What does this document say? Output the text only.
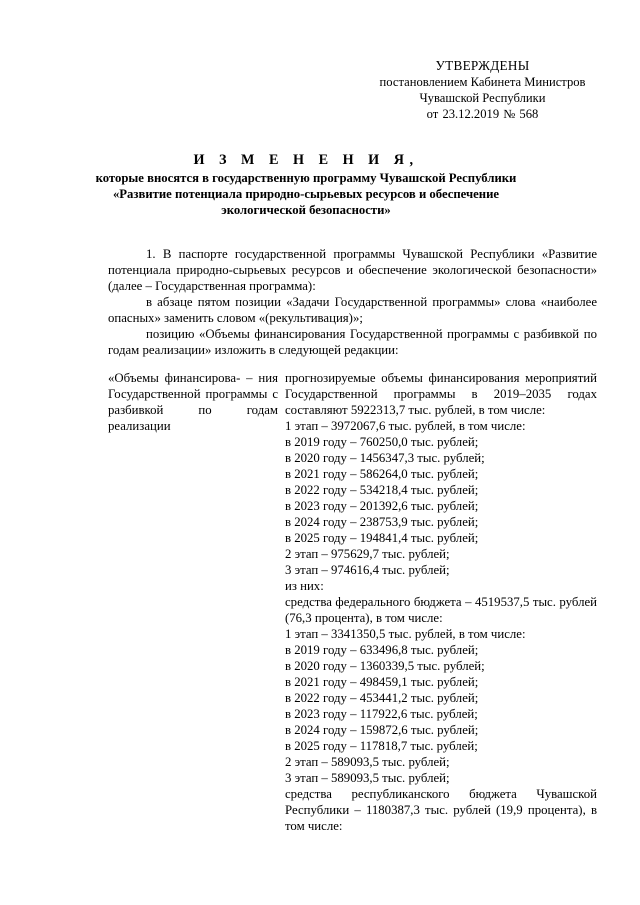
УТВЕРЖДЕНЫ
постановлением Кабинета Министров
Чувашской Республики
от 23.12.2019 № 568
И З М Е Н Е Н И Я,
которые вносятся в государственную программу Чувашской Республики
«Развитие потенциала природно-сырьевых ресурсов и обеспечение
экологической безопасности»

1. В паспорте государственной программы Чувашской Республики «Развитие потенциала природно-сырьевых ресурсов и обеспечение экологической безопасности» (далее – Государственная программа):

в абзаце пятом позиции «Задачи Государственной программы» слова «наиболее опасных» заменить словом «(рекультивация)»;

позицию «Объемы финансирования Государственной программы с разбивкой по годам реализации» изложить в следующей редакции:

«Объемы финансирова- – ния Государственной программы с разбивкой по годам реализации

прогнозируемые объемы финансирования мероприятий Государственной программы в 2019–2035 годах составляют 5922313,7 тыс. рублей, в том числе:

1 этап – 3972067,6 тыс. рублей, в том числе:

в 2019 году – 760250,0 тыс. рублей;

в 2020 году – 1456347,3 тыс. рублей;

в 2021 году – 586264,0 тыс. рублей;

в 2022 году – 534218,4 тыс. рублей;

в 2023 году – 201392,6 тыс. рублей;

в 2024 году – 238753,9 тыс. рублей;

в 2025 году – 194841,4 тыс. рублей;

2 этап – 975629,7 тыс. рублей;

3 этап – 974616,4 тыс. рублей;

из них:

средства федерального бюджета – 4519537,5 тыс. рублей (76,3 процента), в том числе:

1 этап – 3341350,5 тыс. рублей, в том числе:

в 2019 году – 633496,8 тыс. рублей;

в 2020 году – 1360339,5 тыс. рублей;

в 2021 году – 498459,1 тыс. рублей;

в 2022 году – 453441,2 тыс. рублей;

в 2023 году – 117922,6 тыс. рублей;

в 2024 году – 159872,6 тыс. рублей;

в 2025 году – 117818,7 тыс. рублей;

2 этап – 589093,5 тыс. рублей;

3 этап – 589093,5 тыс. рублей;

средства республиканского бюджета Чувашской Республики – 1180387,3 тыс. рублей (19,9 процента), в том числе:
